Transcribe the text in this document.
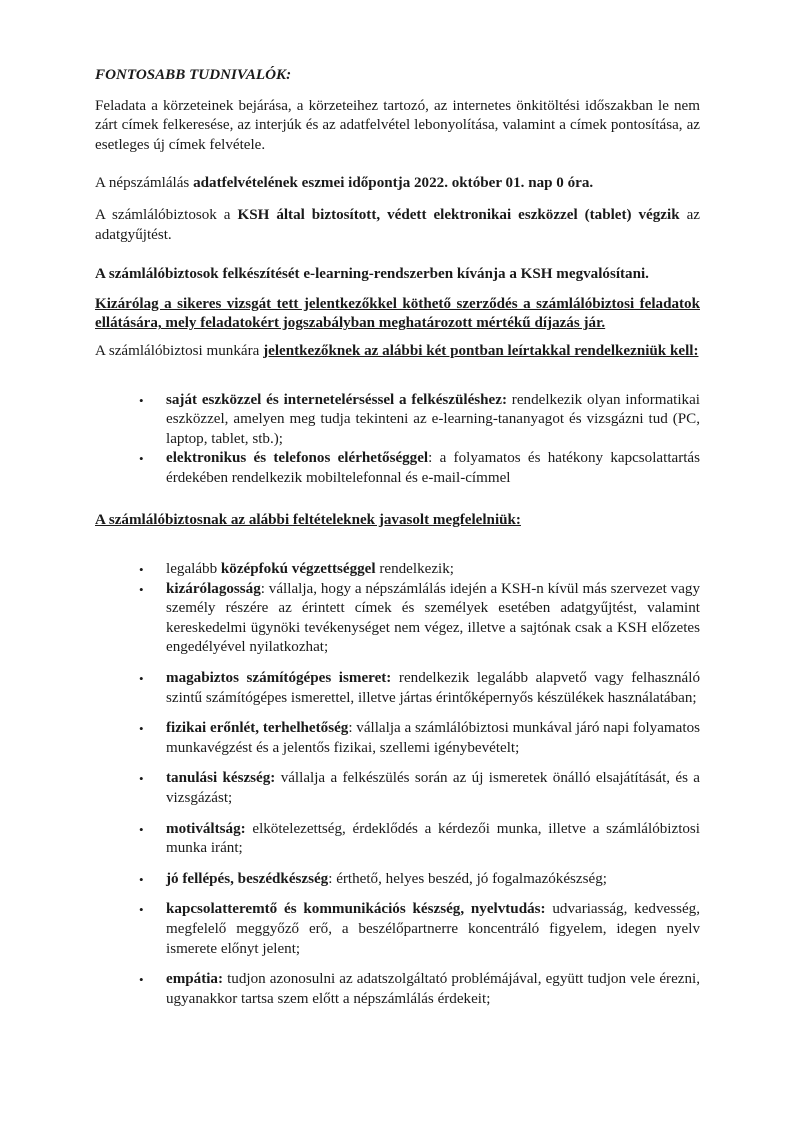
FONTOSABB TUDNIVALÓK:

Feladata a körzeteinek bejárása, a körzeteihez tartozó, az internetes önkitöltési időszakban le nem zárt címek felkeresése, az interjúk és az adatfelvétel lebonyolítása, valamint a címek pontosítása, az esetleges új címek felvétele.

A népszámlálás adatfelvételének eszmei időpontja 2022. október 01. nap 0 óra.

A számlálóbiztosok a KSH által biztosított, védett elektronikai eszközzel (tablet) végzik az adatgyűjtést.

A számlálóbiztosok felkészítését e-learning-rendszerben kívánja a KSH megvalósítani.

Kizárólag a sikeres vizsgát tett jelentkezőkkel köthető szerződés a számlálóbiztosi feladatok ellátására, mely feladatokért jogszabályban meghatározott mértékű díjazás jár.

A számlálóbiztosi munkára jelentkezőknek az alábbi két pontban leírtakkal rendelkezniük kell:

• saját eszközzel és internetelérséssel a felkészüléshez: rendelkezik olyan informatikai eszközzel, amelyen meg tudja tekinteni az e-learning-tananyagot és vizsgázni tud (PC, laptop, tablet, stb.);
• elektronikus és telefonos elérhetőséggel: a folyamatos és hatékony kapcsolattartás érdekében rendelkezik mobiltelefonnal és e-mail-címmel

A számlálóbiztosnak az alábbi feltételeknek javasolt megfelelniük:

• legalább középfokú végzettséggel rendelkezik;
• kizárólagosság: vállalja, hogy a népszámlálás idején a KSH-n kívül más szervezet vagy személy részére az érintett címek és személyek esetében adatgyűjtést, valamint kereskedelmi ügynöki tevékenységet nem végez, illetve a sajtónak csak a KSH előzetes engedélyével nyilatkozhat;
• magabiztos számítógépes ismeret: rendelkezik legalább alapvető vagy felhasználó szintű számítógépes ismerettel, illetve jártas érintőképernyős készülékek használatában;
• fizikai erőnlét, terhelhetőség: vállalja a számlálóbiztosi munkával járó napi folyamatos munkavégzést és a jelentős fizikai, szellemi igénybevételt;
• tanulási készség: vállalja a felkészülés során az új ismeretek önálló elsajátítását, és a vizsgázást;
• motiváltság: elkötelezettség, érdeklődés a kérdezői munka, illetve a számlálóbiztosi munka iránt;
• jó fellépés, beszédkészség: érthető, helyes beszéd, jó fogalmazókészség;
• kapcsolatteremtő és kommunikációs készség, nyelvtudás: udvariasság, kedvesség, megfelelő meggyőző erő, a beszélőpartnerre koncentráló figyelem, idegen nyelv ismerete előnyt jelent;
• empátia: tudjon azonosulni az adatszolgáltató problémájával, együtt tudjon vele érezni, ugyanakkor tartsa szem előtt a népszámlálás érdekeit;
